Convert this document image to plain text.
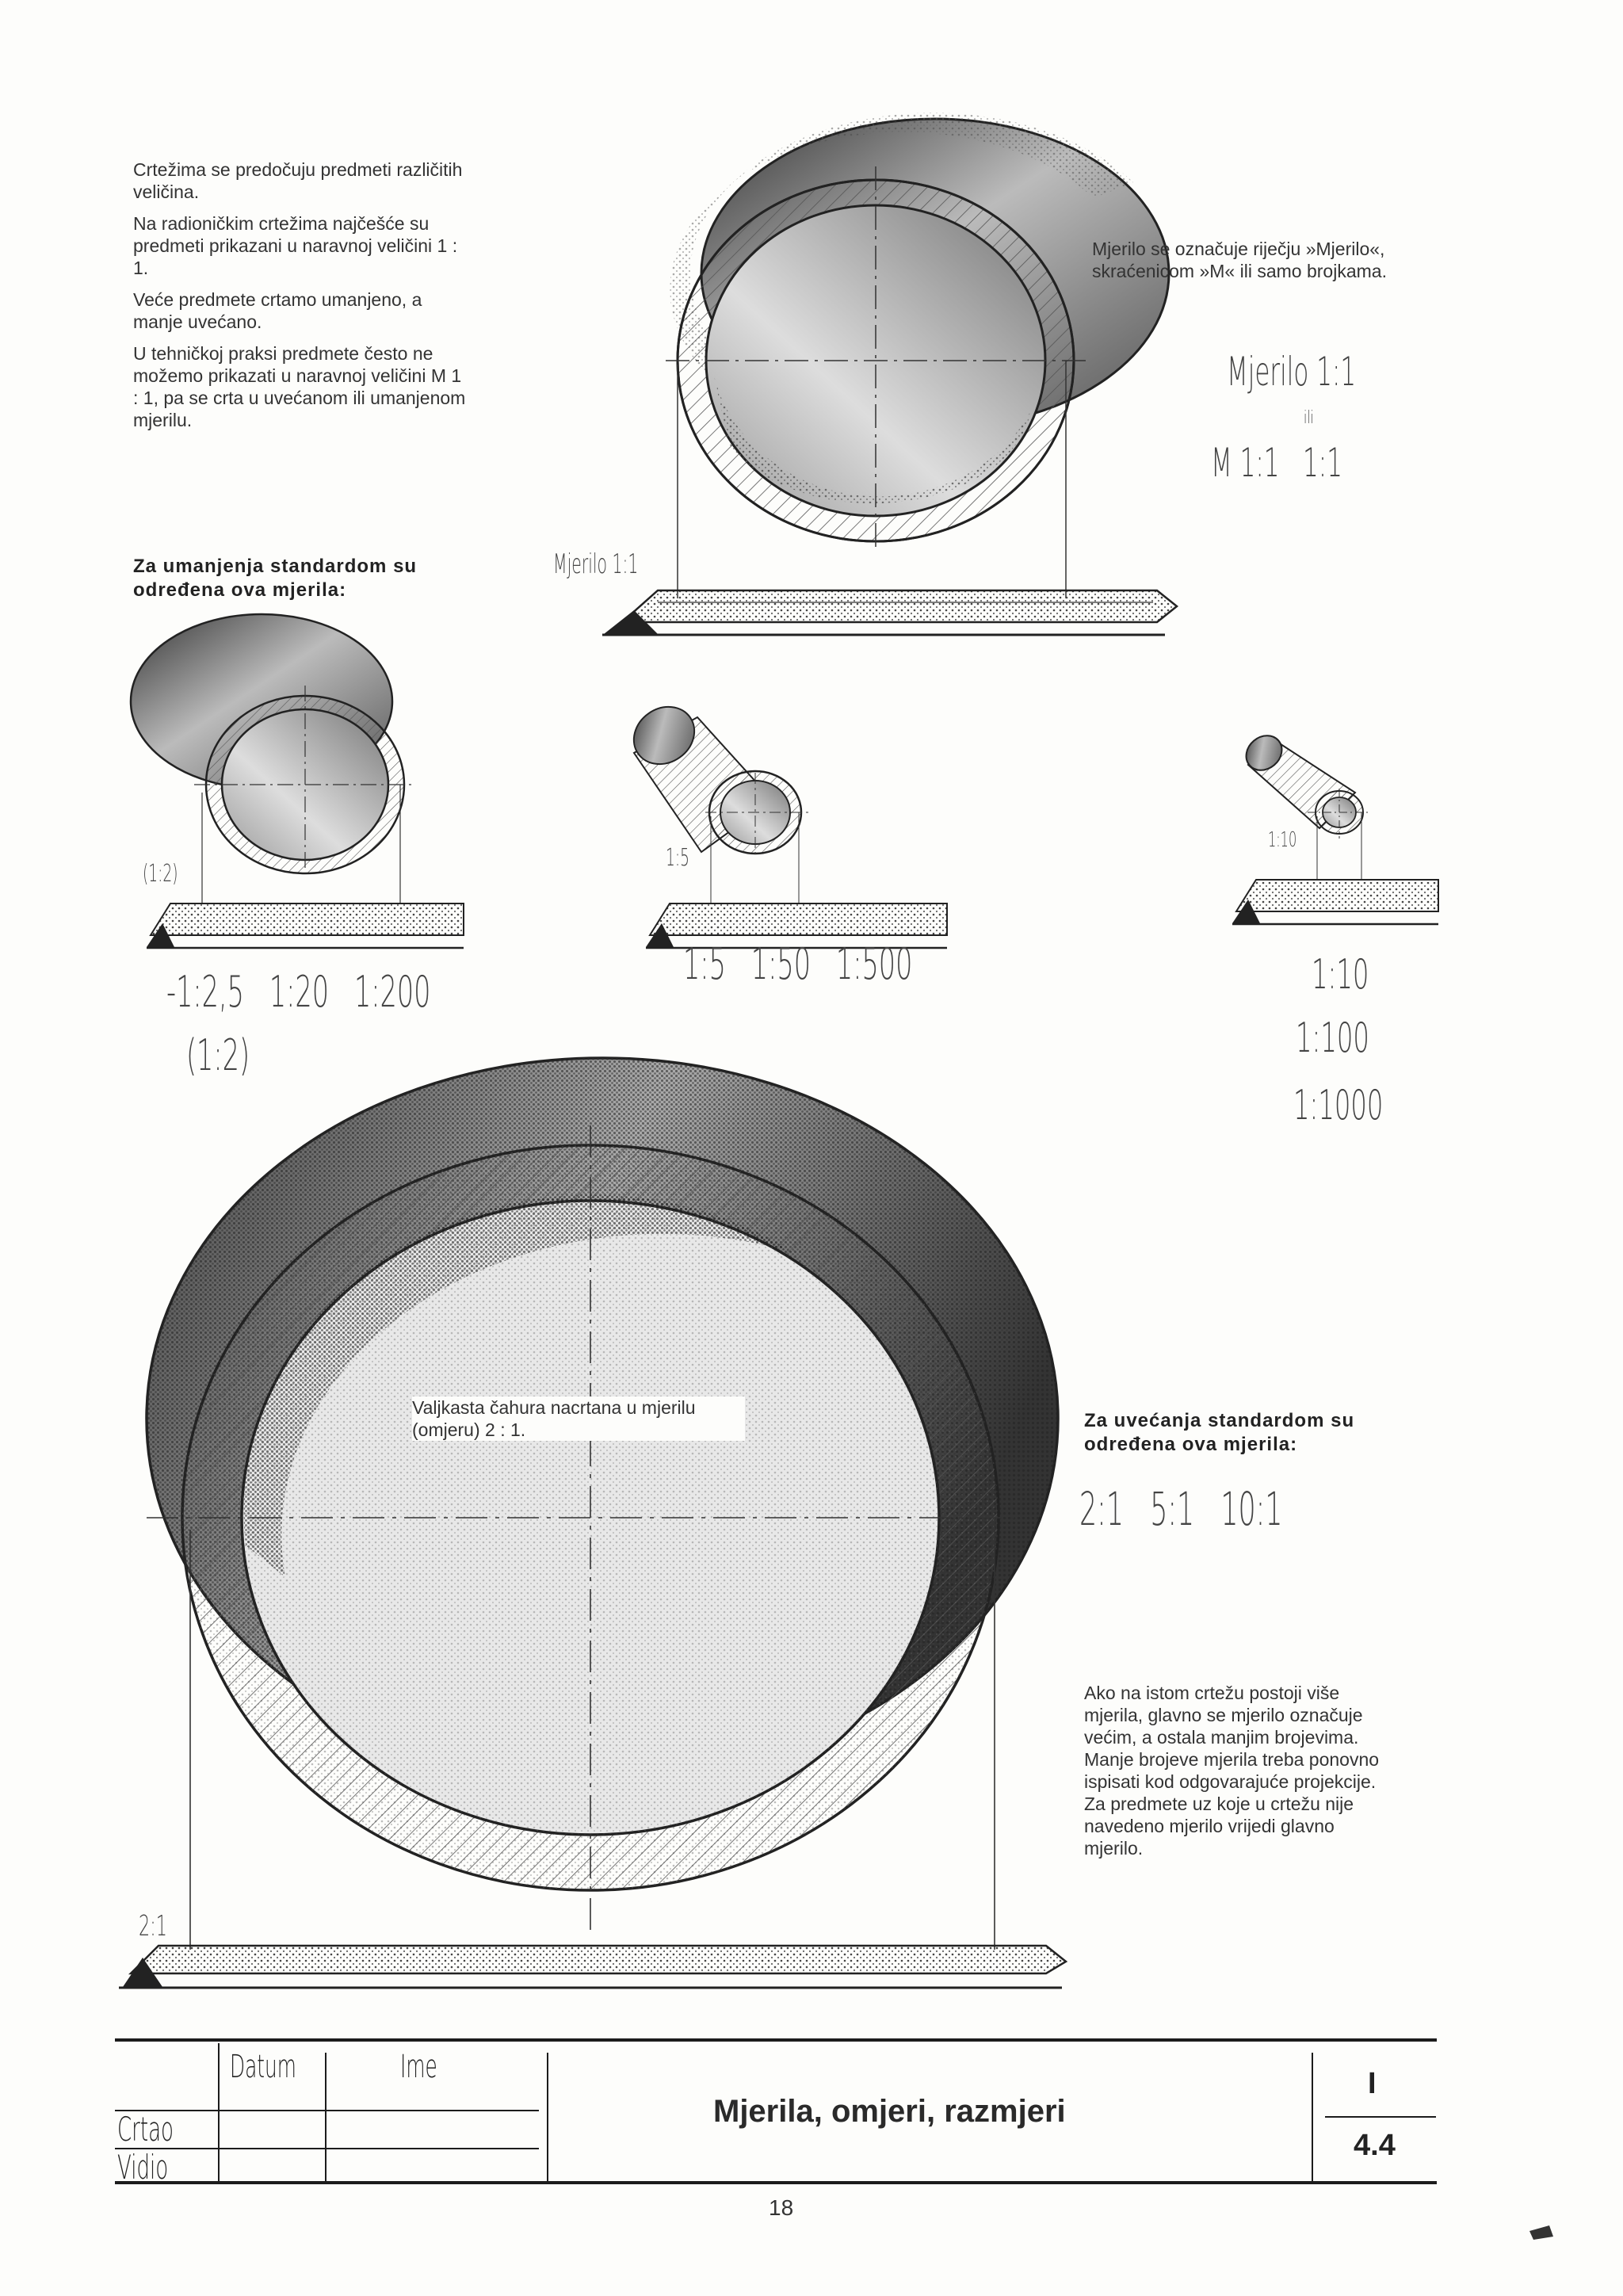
Crtežima se predočuju predmeti različitih veličina.

Na radioničkim crtežima najčešće su predmeti prikazani u naravnoj veličini 1 : 1.

Veće predmete crtamo umanjeno, a manje uvećano.

U tehničkoj praksi predmete često ne možemo prikazati u naravnoj veličini M 1 : 1, pa se crta u uvećanom ili umanjenom mjerilu.

Mjerilo se označuje riječju »Mjerilo«, skraćenicom »M« ili samo brojkama.
Mjerilo 1:1
ili
M 1:1   1:1
Mjerilo 1:1
Za umanjenja standardom su određena ova mjerila:
(1:2)
1:5
1:10
-1:2,5   1:20   1:200
(1:2)
1:5   1:50   1:500	1:10
1:100
1:1000
Valjkasta čahura nacrtana u mjerilu (omjeru) 2 : 1.
2:1
Za uvećanja standardom su određena ova mjerila:
2:1   5:1   10:1
Ako na istom crtežu postoji više mjerila, glavno se mjerilo označuje većim, a ostala manjim brojevima. Manje brojeve mjerila treba ponovno ispisati kod odgovarajuće projekcije. Za predmete uz koje u crtežu nije navedeno mjerilo vrijedi glavno mjerilo.
Datum	Ime
Crtao
Vidio
Mjerila, omjeri, razmjeri
I
4.4
18
